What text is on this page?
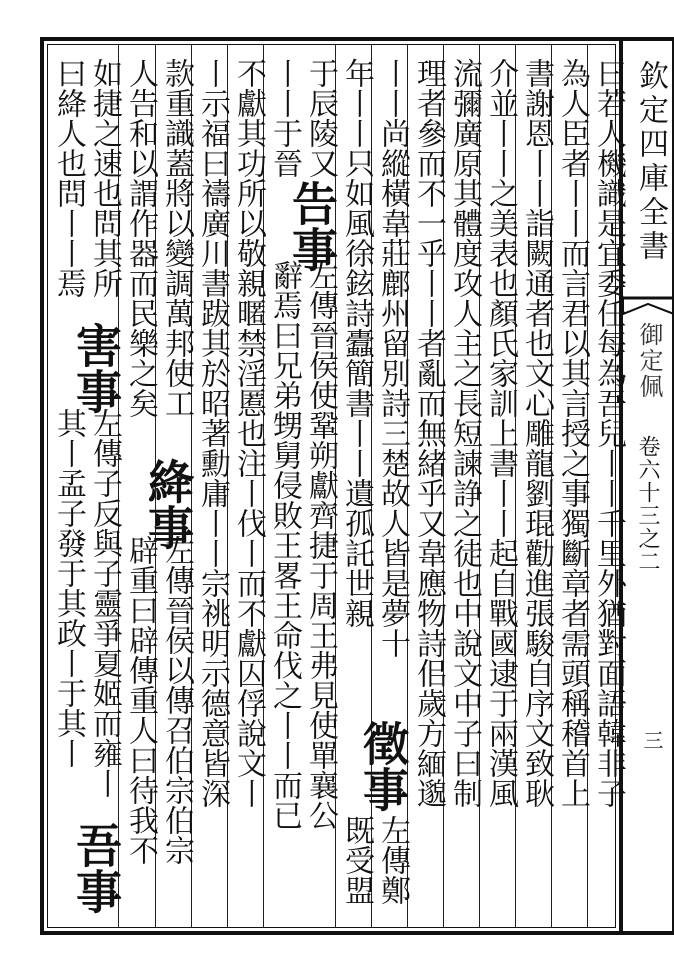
欽定四庫全書
御定佩
卷六十三之二
三
曰若人機識是宜委任每為吾兒丨丨千里外猶對面語韓非子
為人臣者丨丨而言君以其言授之事獨斷章者需頭稱稽首上
書謝恩丨丨詣闕通者也文心雕龍劉琨勸進張駿自序文致耿
介並丨丨之美表也顏氏家訓上書丨丨起自戰國逮于兩漢風
流彌廣原其體度攻人主之長短諫諍之徒也中說文中子曰制
理者參而不一乎丨丨者亂而無緒乎又韋應物詩佀歲方緬邈
丨丨尚縱橫韋莊鄜州留別詩三楚故人皆是夢十
年丨丨只如風徐鉉詩蠹簡書丨丨遺孤託世親
徵事
左傳鄭
既受盟
于辰陵又
丨丨于晉
告事
左傳晉侯使鞏朔獻齊捷于周王弗見使單襄公
辭焉曰兄弟甥舅侵敗王畧王命伐之丨丨而已
不獻其功所以敬親暱禁淫慝也注丨伐丨而不獻囚俘說文丨
丨示福曰禱廣川書跋其於昭著勳庸丨丨宗祧明示德意皆深
款重識蓋將以變調萬邦使工
人告和以謂作器而民樂之矣
絳事
左傳晉侯以傳召伯宗伯宗
辟重曰辟傳重人曰待我不
如捷之速也問其所
曰絳人也問丨丨焉
害事
左傳子反與子靈爭夏姬而雍丨
其丨孟子發于其政丨于其丨
吾事
